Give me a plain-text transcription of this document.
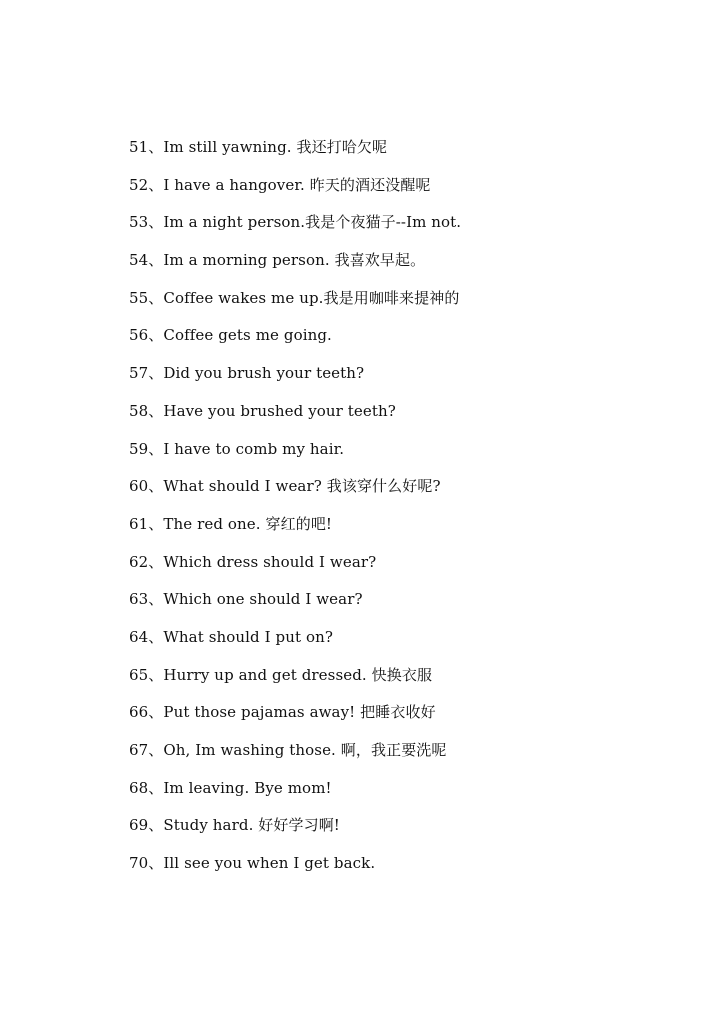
51、Im still yawning. 我还打哈欠呢
52、I have a hangover. 昨天的酒还没醒呢
53、Im a night person.我是个夜猫子--Im not.
54、Im a morning person. 我喜欢早起。
55、Coffee wakes me up.我是用咖啡来提神的
56、Coffee gets me going.
57、Did you brush your teeth?
58、Have you brushed your teeth?
59、I have to comb my hair.
60、What should I wear? 我该穿什么好呢?
61、The red one. 穿红的吧!
62、Which dress should I wear?
63、Which one should I wear?
64、What should I put on?
65、Hurry up and get dressed. 快换衣服
66、Put those pajamas away! 把睡衣收好
67、Oh, Im washing those. 啊，我正要洗呢
68、Im leaving. Bye mom!
69、Study hard. 好好学习啊!
70、Ill see you when I get back.
